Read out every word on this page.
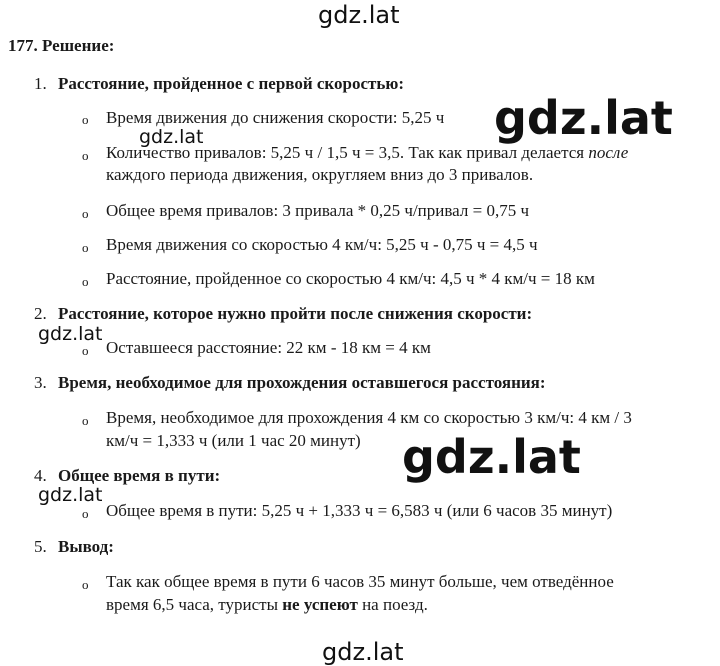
gdz.lat
gdz.lat
gdz.lat
gdz.lat
gdz.lat
gdz.lat
gdz.lat
177. Решение:
1. Расстояние, пройденное с первой скоростью:
o Время движения до снижения скорости: 5,25 ч
o Количество привалов: 5,25 ч / 1,5 ч = 3,5. Так как привал делается после
каждого периода движения, округляем вниз до 3 привалов.
o Общее время привалов: 3 привала * 0,25 ч/привал = 0,75 ч
o Время движения со скоростью 4 км/ч: 5,25 ч - 0,75 ч = 4,5 ч
o Расстояние, пройденное со скоростью 4 км/ч: 4,5 ч * 4 км/ч = 18 км
2. Расстояние, которое нужно пройти после снижения скорости:
o Оставшееся расстояние: 22 км - 18 км = 4 км
3. Время, необходимое для прохождения оставшегося расстояния:
o Время, необходимое для прохождения 4 км со скоростью 3 км/ч: 4 км / 3
км/ч = 1,333 ч (или 1 час 20 минут)
4. Общее время в пути:
o Общее время в пути: 5,25 ч + 1,333 ч = 6,583 ч (или 6 часов 35 минут)
5. Вывод:
o Так как общее время в пути 6 часов 35 минут больше, чем отведённое
время 6,5 часа, туристы не успеют на поезд.
